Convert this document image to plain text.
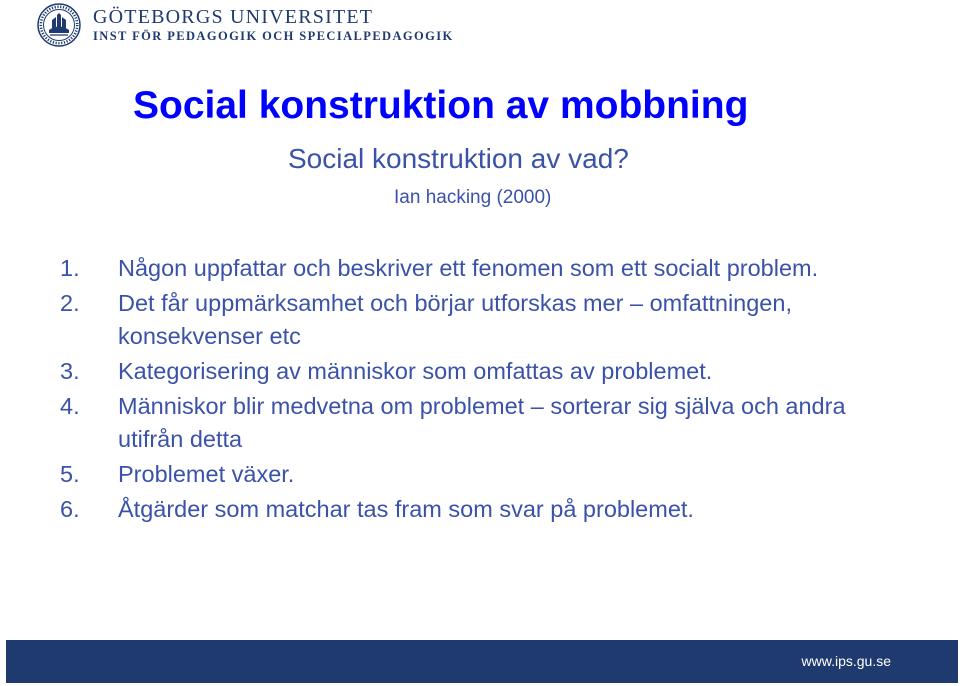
GÖTEBORGS UNIVERSITET
INST FÖR PEDAGOGIK OCH SPECIALPEDAGOGIK
Social konstruktion av mobbning
Social konstruktion av vad?
Ian hacking (2000)
1. Någon uppfattar och beskriver ett fenomen som ett socialt problem.
2. Det får uppmärksamhet och börjar utforskas mer – omfattningen, konsekvenser etc
3. Kategorisering av människor som omfattas av problemet.
4. Människor blir medvetna om problemet – sorterar sig själva och andra utifrån detta
5. Problemet växer.
6. Åtgärder som matchar tas fram som svar på problemet.
www.ips.gu.se
